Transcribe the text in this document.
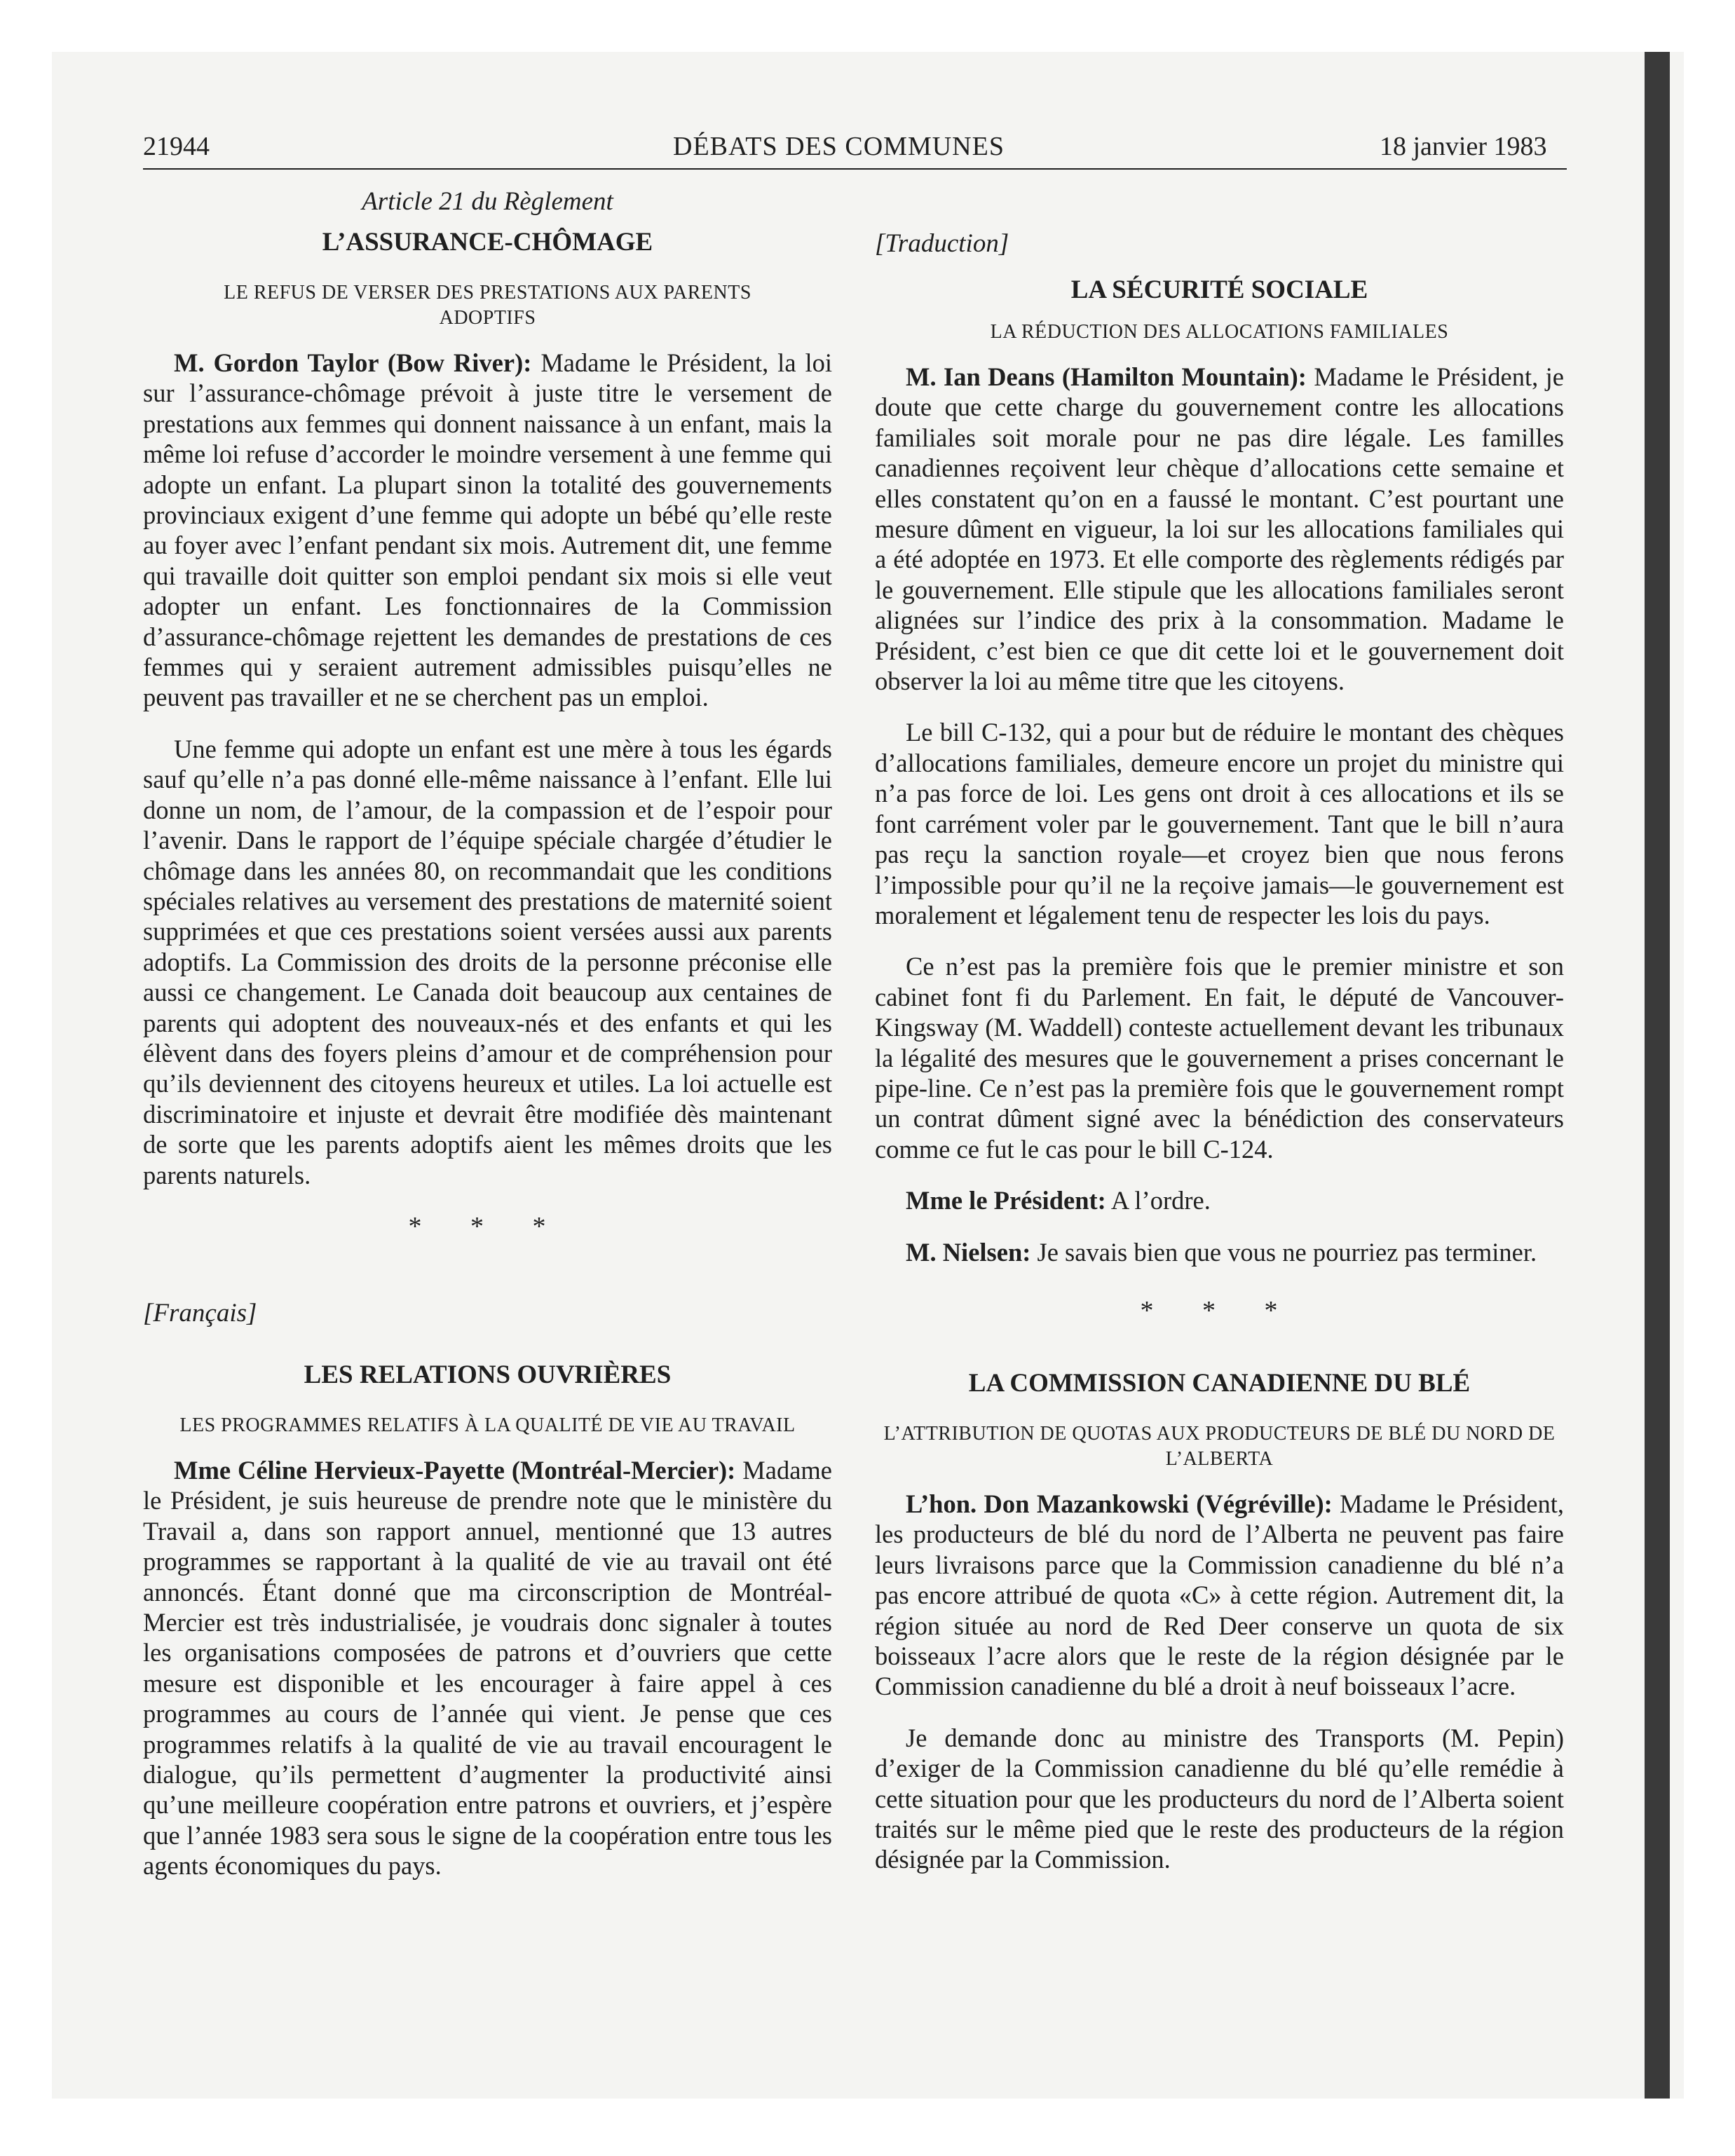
21944	DÉBATS DES COMMUNES	18 janvier 1983
Article 21 du Règlement
L’ASSURANCE-CHÔMAGE
LE REFUS DE VERSER DES PRESTATIONS AUX PARENTS ADOPTIFS

M. Gordon Taylor (Bow River): Madame le Président, la loi sur l’assurance-chômage prévoit à juste titre le versement de prestations aux femmes qui donnent naissance à un enfant, mais la même loi refuse d’accorder le moindre versement à une femme qui adopte un enfant. La plupart sinon la totalité des gouvernements provinciaux exigent d’une femme qui adopte un bébé qu’elle reste au foyer avec l’enfant pendant six mois. Autrement dit, une femme qui travaille doit quitter son emploi pendant six mois si elle veut adopter un enfant. Les fonctionnaires de la Commission d’assurance-chômage rejettent les demandes de prestations de ces femmes qui y seraient autrement admissibles puisqu’elles ne peuvent pas travailler et ne se cherchent pas un emploi.

Une femme qui adopte un enfant est une mère à tous les égards sauf qu’elle n’a pas donné elle-même naissance à l’enfant. Elle lui donne un nom, de l’amour, de la compassion et de l’espoir pour l’avenir. Dans le rapport de l’équipe spéciale chargée d’étudier le chômage dans les années 80, on recommandait que les conditions spéciales relatives au versement des prestations de maternité soient supprimées et que ces prestations soient versées aussi aux parents adoptifs. La Commission des droits de la personne préconise elle aussi ce changement. Le Canada doit beaucoup aux centaines de parents qui adoptent des nouveaux-nés et des enfants et qui les élèvent dans des foyers pleins d’amour et de compréhension pour qu’ils deviennent des citoyens heureux et utiles. La loi actuelle est discriminatoire et injuste et devrait être modifiée dès maintenant de sorte que les parents adoptifs aient les mêmes droits que les parents naturels.

* * *
[Français]
LES RELATIONS OUVRIÈRES
LES PROGRAMMES RELATIFS À LA QUALITÉ DE VIE AU TRAVAIL

Mme Céline Hervieux-Payette (Montréal-Mercier): Madame le Président, je suis heureuse de prendre note que le ministère du Travail a, dans son rapport annuel, mentionné que 13 autres programmes se rapportant à la qualité de vie au travail ont été annoncés. Étant donné que ma circonscription de Montréal-Mercier est très industrialisée, je voudrais donc signaler à toutes les organisations composées de patrons et d’ouvriers que cette mesure est disponible et les encourager à faire appel à ces programmes au cours de l’année qui vient. Je pense que ces programmes relatifs à la qualité de vie au travail encouragent le dialogue, qu’ils permettent d’augmenter la productivité ainsi qu’une meilleure coopération entre patrons et ouvriers, et j’espère que l’année 1983 sera sous le signe de la coopération entre tous les agents économiques du pays.

[Traduction]
LA SÉCURITÉ SOCIALE
LA RÉDUCTION DES ALLOCATIONS FAMILIALES

M. Ian Deans (Hamilton Mountain): Madame le Président, je doute que cette charge du gouvernement contre les allocations familiales soit morale pour ne pas dire légale. Les familles canadiennes reçoivent leur chèque d’allocations cette semaine et elles constatent qu’on en a faussé le montant. C’est pourtant une mesure dûment en vigueur, la loi sur les allocations familiales qui a été adoptée en 1973. Et elle comporte des règlements rédigés par le gouvernement. Elle stipule que les allocations familiales seront alignées sur l’indice des prix à la consommation. Madame le Président, c’est bien ce que dit cette loi et le gouvernement doit observer la loi au même titre que les citoyens.

Le bill C-132, qui a pour but de réduire le montant des chèques d’allocations familiales, demeure encore un projet du ministre qui n’a pas force de loi. Les gens ont droit à ces allocations et ils se font carrément voler par le gouvernement. Tant que le bill n’aura pas reçu la sanction royale—et croyez bien que nous ferons l’impossible pour qu’il ne la reçoive jamais—le gouvernement est moralement et légalement tenu de respecter les lois du pays.

Ce n’est pas la première fois que le premier ministre et son cabinet font fi du Parlement. En fait, le député de Vancouver-Kingsway (M. Waddell) conteste actuellement devant les tribunaux la légalité des mesures que le gouvernement a prises concernant le pipe-line. Ce n’est pas la première fois que le gouvernement rompt un contrat dûment signé avec la bénédiction des conservateurs comme ce fut le cas pour le bill C-124.

Mme le Président: A l’ordre.

M. Nielsen: Je savais bien que vous ne pourriez pas terminer.

* * *
LA COMMISSION CANADIENNE DU BLÉ
L’ATTRIBUTION DE QUOTAS AUX PRODUCTEURS DE BLÉ DU NORD DE L’ALBERTA

L’hon. Don Mazankowski (Végréville): Madame le Président, les producteurs de blé du nord de l’Alberta ne peuvent pas faire leurs livraisons parce que la Commission canadienne du blé n’a pas encore attribué de quota «C» à cette région. Autrement dit, la région située au nord de Red Deer conserve un quota de six boisseaux l’acre alors que le reste de la région désignée par le Commission canadienne du blé a droit à neuf boisseaux l’acre.

Je demande donc au ministre des Transports (M. Pepin) d’exiger de la Commission canadienne du blé qu’elle remédie à cette situation pour que les producteurs du nord de l’Alberta soient traités sur le même pied que le reste des producteurs de la région désignée par la Commission.
